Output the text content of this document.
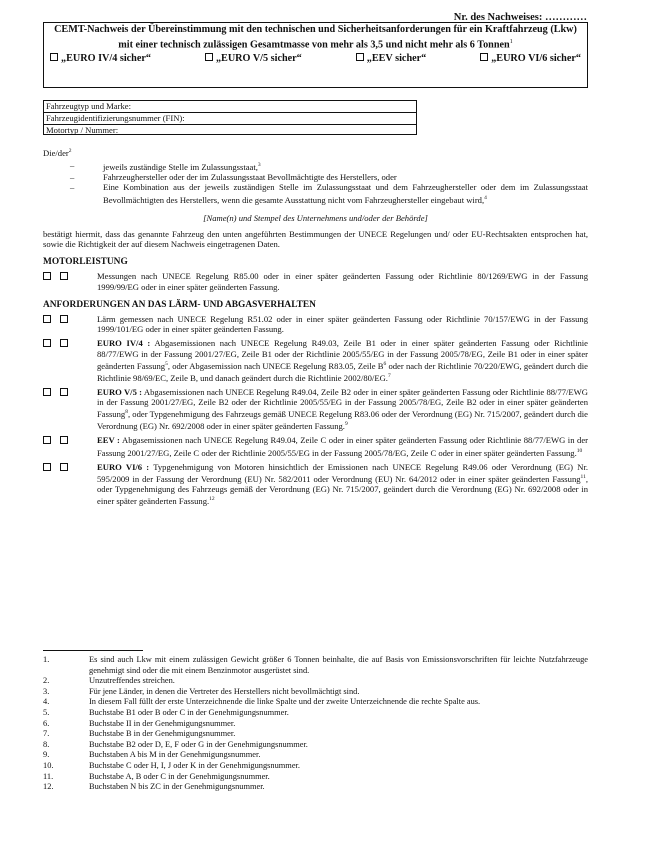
Nr. des Nachweises: …………
CEMT-Nachweis der Übereinstimmung mit den technischen und Sicherheitsanforderungen für ein Kraftfahrzeug (Lkw) mit einer technisch zulässigen Gesamtmasse von mehr als 3,5 und nicht mehr als 6 Tonnen$^1$
„EURO IV/4 sicher“	„EURO V/5 sicher“	„EEV sicher“	„EURO VI/6 sicher“
Fahrzeugtyp und Marke:
Fahrzeugidentifizierungsnummer (FIN):
Motortyp / Nummer:

Die/der$^2$

–	jeweils zuständige Stelle im Zulassungsstaat,$^3$
–	Fahrzeughersteller oder der im Zulassungsstaat Bevollmächtigte des Herstellers, oder
–	Eine Kombination aus der jeweils zuständigen Stelle im Zulassungsstaat und dem Fahrzeughersteller oder dem im Zulassungsstaat Bevollmächtigten des Herstellers, wenn die gesamte Ausstattung nicht vom Fahrzeughersteller eingebaut wird,$^4$

[Name(n) und Stempel des Unternehmens und/oder der Behörde]

bestätigt hiermit, dass das genannte Fahrzeug den unten angeführten Bestimmungen der UNECE Regelungen und/ oder EU-Rechtsakten entsprochen hat, sowie die Richtigkeit der auf diesem Nachweis eingetragenen Daten.

MOTORLEISTUNG

Messungen nach UNECE Regelung R85.00 oder in einer später geänderten Fassung oder Richtlinie 80/1269/EWG in der Fassung 1999/99/EG oder in einer später geänderten Fassung.

ANFORDERUNGEN AN DAS LÄRM- UND ABGASVERHALTEN

Lärm gemessen nach UNECE Regelung R51.02 oder in einer später geänderten Fassung oder Richtlinie 70/157/EWG in der Fassung 1999/101/EG oder in einer später geänderten Fassung.

EURO IV/4 : Abgasemissionen nach UNECE Regelung R49.03, Zeile B1 oder in einer später geänderten Fassung oder Richtlinie 88/77/EWG in der Fassung 2001/27/EG, Zeile B1 oder der Richtlinie 2005/55/EG in der Fassung 2005/78/EG, Zeile B1 oder in einer später geänderten Fassung$^5$, oder Abgasemission nach UNECE Regelung R83.05, Zeile $B^6$ oder nach der Richtlinie 70/220/EWG, geändert durch die Richtlinie 98/69/EC, Zeile B, und danach geändert durch die Richtlinie 2002/80/EG.$^7$

EURO V/5 : Abgasemissionen nach UNECE Regelung R49.04, Zeile B2 oder in einer später geänderten Fassung oder Richtlinie 88/77/EWG in der Fassung 2001/27/EG, Zeile B2 oder der Richtlinie 2005/55/EG in der Fassung 2005/78/EG, Zeile B2 oder in einer später geänderten Fassung$^8$, oder Typgenehmigung des Fahrzeugs gemäß UNECE Regelung R83.06 oder der Verordnung (EG) Nr. 715/2007, geändert durch die Verordnung (EG) Nr. 692/2008 oder in einer später geänderten Fassung.$^9$

EEV : Abgasemissionen nach UNECE Regelung R49.04, Zeile C oder in einer später geänderten Fassung oder Richtlinie 88/77/EWG in der Fassung 2001/27/EG, Zeile C oder der Richtlinie 2005/55/EG in der Fassung 2005/78/EG, Zeile C oder in einer später geänderten Fassung.$^{10}$

EURO VI/6 : Typgenehmigung von Motoren hinsichtlich der Emissionen nach UNECE Regelung R49.06 oder Verordnung (EG) Nr. 595/2009 in der Fassung der Verordnung (EU) Nr. 582/2011 oder Verordnung (EU) Nr. 64/2012 oder in einer später geänderten Fassung$^{11}$, oder Typgenehmigung des Fahrzeugs gemäß der Verordnung (EG) Nr. 715/2007, geändert durch die Verordnung (EG) Nr. 692/2008 oder in einer später geänderten Fassung.$^{12}$

1.	Es sind auch Lkw mit einem zulässigen Gewicht größer 6 Tonnen beinhalte, die auf Basis von Emissionsvorschriften für leichte Nutzfahrzeuge genehmigt sind oder die mit einem Benzinmotor ausgerüstet sind.
2.	Unzutreffendes streichen.
3.	Für jene Länder, in denen die Vertreter des Herstellers nicht bevollmächtigt sind.
4.	In diesem Fall füllt der erste Unterzeichnende die linke Spalte und der zweite Unterzeichnende die rechte Spalte aus.
5.	Buchstabe B1 oder B oder C in der Genehmigungsnummer.
6.	Buchstabe II in der Genehmigungsnummer.
7.	Buchstabe B in der Genehmigungsnummer.
8.	Buchstabe B2 oder D, E, F oder G in der Genehmigungsnummer.
9.	Buchstaben A bis M in der Genehmigungsnummer.
10.	Buchstabe C oder H, I, J oder K in der Genehmigungsnummer.
11.	Buchstabe A, B oder C in der Genehmigungsnummer.
12.	Buchstaben N bis ZC in der Genehmigungsnummer.
